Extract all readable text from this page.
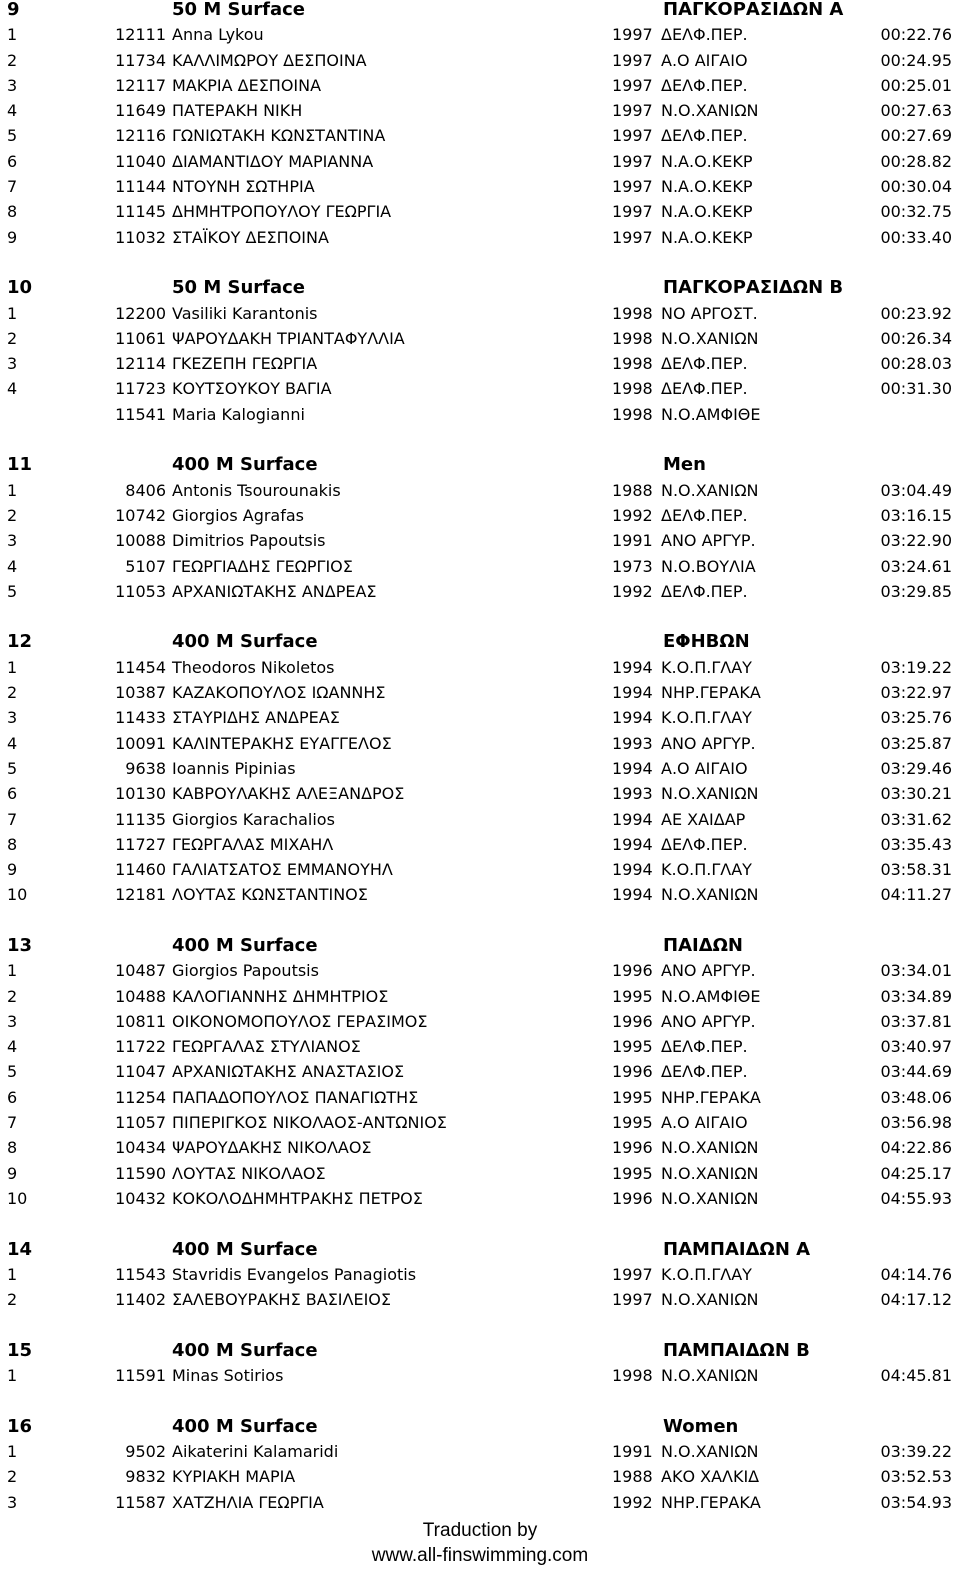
9	50 M Surface	ΠΑΓΚΟΡΑΣΙΔΩΝ Α
1	12111 Anna Lykou	1997 ΔΕΛΦ.ΠΕΡ.	00:22.76
2	11734 ΚΑΛΛΙΜΩΡΟΥ ΔΕΣΠΟΙΝΑ	1997 Α.Ο ΑΙΓΑΙΟ	00:24.95
3	12117 ΜΑΚΡΙΑ ΔΕΣΠΟΙΝΑ	1997 ΔΕΛΦ.ΠΕΡ.	00:25.01
4	11649 ΠΑΤΕΡΑΚΗ ΝΙΚΗ	1997 Ν.Ο.ΧΑΝΙΩΝ	00:27.63
5	12116 ΓΩΝΙΩΤΑΚΗ ΚΩΝΣΤΑΝΤΙΝΑ	1997 ΔΕΛΦ.ΠΕΡ.	00:27.69
6	11040 ΔΙΑΜΑΝΤΙΔΟΥ ΜΑΡΙΑΝΝΑ	1997 Ν.Α.Ο.ΚΕΚΡ	00:28.82
7	11144 ΝΤΟΥΝΗ ΣΩΤΗΡΙΑ	1997 Ν.Α.Ο.ΚΕΚΡ	00:30.04
8	11145 ΔΗΜΗΤΡΟΠΟΥΛΟΥ ΓΕΩΡΓΙΑ	1997 Ν.Α.Ο.ΚΕΚΡ	00:32.75
9	11032 ΣΤΑΪΚΟΥ ΔΕΣΠΟΙΝΑ	1997 Ν.Α.Ο.ΚΕΚΡ	00:33.40
10	50 M Surface	ΠΑΓΚΟΡΑΣΙΔΩΝ Β
1	12200 Vasiliki Karantonis	1998 ΝΟ ΑΡΓΟΣΤ.	00:23.92
2	11061 ΨΑΡΟΥΔΑΚΗ ΤΡΙΑΝΤΑΦΥΛΛΙΑ	1998 Ν.Ο.ΧΑΝΙΩΝ	00:26.34
3	12114 ΓΚΕΖΕΠΗ ΓΕΩΡΓΙΑ	1998 ΔΕΛΦ.ΠΕΡ.	00:28.03
4	11723 ΚΟΥΤΣΟΥΚΟΥ ΒΑΓΙΑ	1998 ΔΕΛΦ.ΠΕΡ.	00:31.30
11541 Maria Kalogianni	1998 Ν.Ο.ΑΜΦΙΘΕ
11	400 M Surface	Men
1	8406 Antonis Tsourounakis	1988 Ν.Ο.ΧΑΝΙΩΝ	03:04.49
2	10742 Giorgios Agrafas	1992 ΔΕΛΦ.ΠΕΡ.	03:16.15
3	10088 Dimitrios Papoutsis	1991 ΑΝΟ ΑΡΓΥΡ.	03:22.90
4	5107 ΓΕΩΡΓΙΑΔΗΣ ΓΕΩΡΓΙΟΣ	1973 Ν.Ο.ΒΟΥΛΙΑ	03:24.61
5	11053 ΑΡΧΑΝΙΩΤΑΚΗΣ ΑΝΔΡΕΑΣ	1992 ΔΕΛΦ.ΠΕΡ.	03:29.85
12	400 M Surface	ΕΦΗΒΩΝ
1	11454 Theodoros Nikoletos	1994 Κ.Ο.Π.ΓΛΑΥ	03:19.22
2	10387 ΚΑΖΑΚΟΠΟΥΛΟΣ ΙΩΑΝΝΗΣ	1994 ΝΗΡ.ΓΕΡΑΚΑ	03:22.97
3	11433 ΣΤΑΥΡΙΔΗΣ ΑΝΔΡΕΑΣ	1994 Κ.Ο.Π.ΓΛΑΥ	03:25.76
4	10091 ΚΑΛΙΝΤΕΡΑΚΗΣ ΕΥΑΓΓΕΛΟΣ	1993 ΑΝΟ ΑΡΓΥΡ.	03:25.87
5	9638 Ioannis Pipinias	1994 Α.Ο ΑΙΓΑΙΟ	03:29.46
6	10130 ΚΑΒΡΟΥΛΑΚΗΣ ΑΛΕΞΑΝΔΡΟΣ	1993 Ν.Ο.ΧΑΝΙΩΝ	03:30.21
7	11135 Giorgios Karachalios	1994 ΑΕ ΧΑΙΔΑΡ	03:31.62
8	11727 ΓΕΩΡΓΑΛΑΣ ΜΙΧΑΗΛ	1994 ΔΕΛΦ.ΠΕΡ.	03:35.43
9	11460 ΓΑΛΙΑΤΣΑΤΟΣ ΕΜΜΑΝΟΥΗΛ	1994 Κ.Ο.Π.ΓΛΑΥ	03:58.31
10	12181 ΛΟΥΤΑΣ ΚΩΝΣΤΑΝΤΙΝΟΣ	1994 Ν.Ο.ΧΑΝΙΩΝ	04:11.27
13	400 M Surface	ΠΑΙΔΩΝ
1	10487 Giorgios Papoutsis	1996 ΑΝΟ ΑΡΓΥΡ.	03:34.01
2	10488 ΚΑΛΟΓΙΑΝΝΗΣ ΔΗΜΗΤΡΙΟΣ	1995 Ν.Ο.ΑΜΦΙΘΕ	03:34.89
3	10811 ΟΙΚΟΝΟΜΟΠΟΥΛΟΣ ΓΕΡΑΣΙΜΟΣ	1996 ΑΝΟ ΑΡΓΥΡ.	03:37.81
4	11722 ΓΕΩΡΓΑΛΑΣ ΣΤΥΛΙΑΝΟΣ	1995 ΔΕΛΦ.ΠΕΡ.	03:40.97
5	11047 ΑΡΧΑΝΙΩΤΑΚΗΣ ΑΝΑΣΤΑΣΙΟΣ	1996 ΔΕΛΦ.ΠΕΡ.	03:44.69
6	11254 ΠΑΠΑΔΟΠΟΥΛΟΣ ΠΑΝΑΓΙΩΤΗΣ	1995 ΝΗΡ.ΓΕΡΑΚΑ	03:48.06
7	11057 ΠΙΠΕΡΙΓΚΟΣ ΝΙΚΟΛΑΟΣ-ΑΝΤΩΝΙΟΣ	1995 Α.Ο ΑΙΓΑΙΟ	03:56.98
8	10434 ΨΑΡΟΥΔΑΚΗΣ ΝΙΚΟΛΑΟΣ	1996 Ν.Ο.ΧΑΝΙΩΝ	04:22.86
9	11590 ΛΟΥΤΑΣ ΝΙΚΟΛΑΟΣ	1995 Ν.Ο.ΧΑΝΙΩΝ	04:25.17
10	10432 ΚΟΚΟΛΟΔΗΜΗΤΡΑΚΗΣ ΠΕΤΡΟΣ	1996 Ν.Ο.ΧΑΝΙΩΝ	04:55.93
14	400 M Surface	ΠΑΜΠΑΙΔΩΝ Α
1	11543 Stavridis Evangelos Panagiotis	1997 Κ.Ο.Π.ΓΛΑΥ	04:14.76
2	11402 ΣΑΛΕΒΟΥΡΑΚΗΣ ΒΑΣΙΛΕΙΟΣ	1997 Ν.Ο.ΧΑΝΙΩΝ	04:17.12
15	400 M Surface	ΠΑΜΠΑΙΔΩΝ Β
1	11591 Minas Sotirios	1998 Ν.Ο.ΧΑΝΙΩΝ	04:45.81
16	400 M Surface	Women
1	9502 Aikaterini Kalamaridi	1991 Ν.Ο.ΧΑΝΙΩΝ	03:39.22
2	9832 ΚΥΡΙΑΚΗ ΜΑΡΙΑ	1988 ΑΚΟ ΧΑΛΚΙΔ	03:52.53
3	11587 ΧΑΤΖΗΛΙΑ ΓΕΩΡΓΙΑ	1992 ΝΗΡ.ΓΕΡΑΚΑ	03:54.93
Traduction by
www.all-finswimming.com
